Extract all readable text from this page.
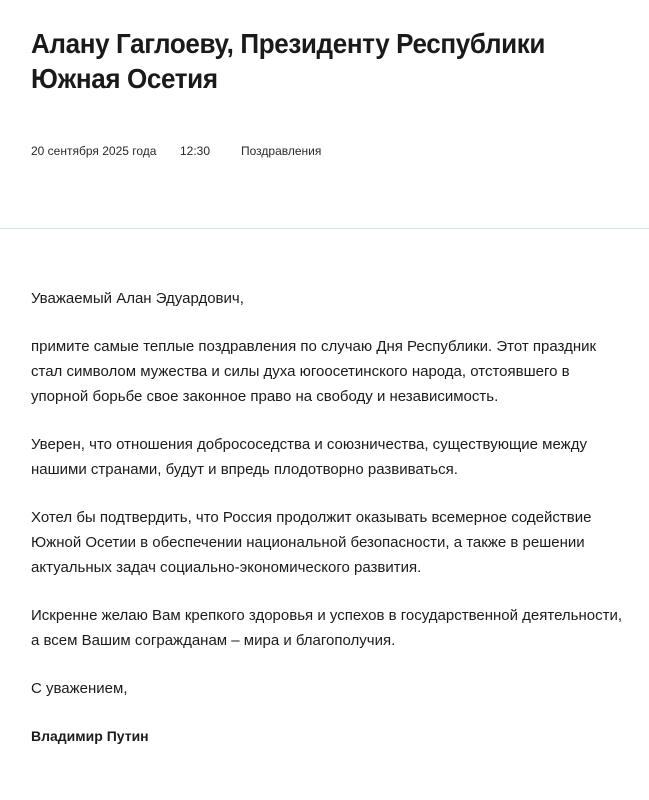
Алану Гаглоеву, Президенту Республики Южная Осетия
20 сентября 2025 года 12:30	Поздравления

Уважаемый Алан Эдуардович,

примите самые теплые поздравления по случаю Дня Республики. Этот праздник стал символом мужества и силы духа югоосетинского народа, отстоявшего в упорной борьбе свое законное право на свободу и независимость.

Уверен, что отношения добрососедства и союзничества, существующие между нашими странами, будут и впредь плодотворно развиваться.

Хотел бы подтвердить, что Россия продолжит оказывать всемерное содействие Южной Осетии в обеспечении национальной безопасности, а также в решении актуальных задач социально-экономического развития.

Искренне желаю Вам крепкого здоровья и успехов в государственной деятельности, а всем Вашим согражданам – мира и благополучия.

С уважением,

Владимир Путин
